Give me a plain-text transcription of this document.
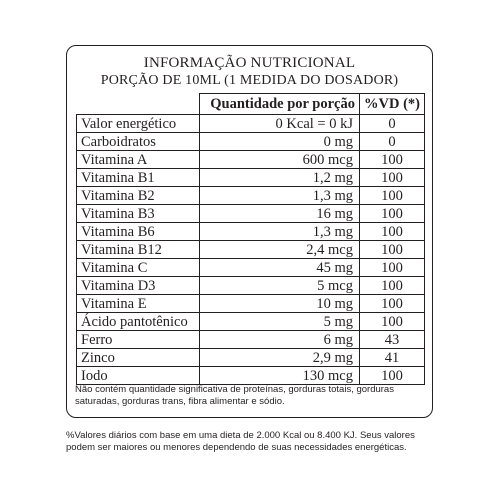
INFORMAÇÃO NUTRICIONAL
PORÇÃO DE 10ML (1 MEDIDA DO DOSADOR)
	Quantidade por porção	%VD (*)
Valor energético	0 Kcal = 0 kJ	0
Carboidratos	0 mg	0
Vitamina A	600 mcg	100
Vitamina B1	1,2 mg	100
Vitamina B2	1,3 mg	100
Vitamina B3	16 mg	100
Vitamina B6	1,3 mg	100
Vitamina B12	2,4 mcg	100
Vitamina C	45 mg	100
Vitamina D3	5 mcg	100
Vitamina E	10 mg	100
Ácido pantotênico	5 mg	100
Ferro	6 mg	43
Zinco	2,9 mg	41
Iodo	130 mcg	100
Não contém quantidade significativa de proteínas, gorduras totais, gorduras saturadas, gorduras trans, fibra alimentar e sódio.
%Valores diários com base em uma dieta de 2.000 Kcal ou 8.400 KJ. Seus valores podem ser maiores ou menores dependendo de suas necessidades energéticas.
